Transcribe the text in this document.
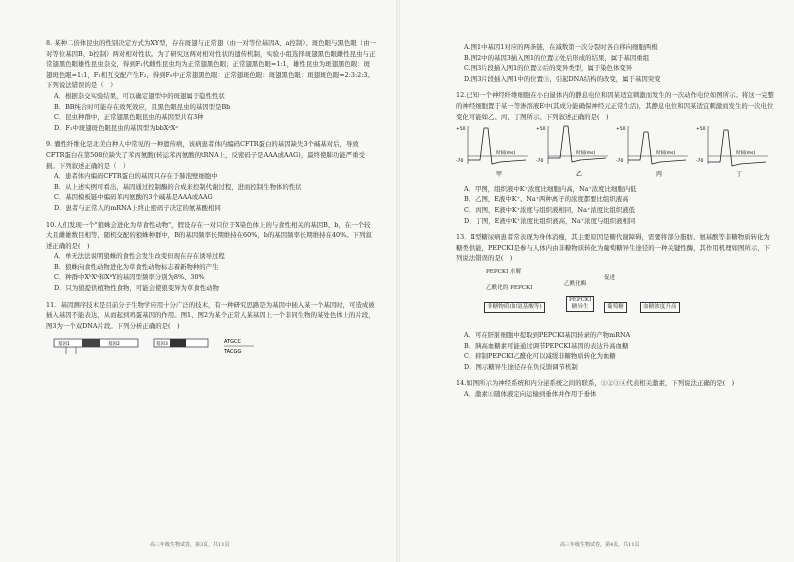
8. 某种二倍体昆虫的性别决定方式为XY型，存在斑翅与正常翅（由一对等位基因A、a控制）、斑色眼与黑色眼（由一对等位基因B、b控制）两对相对性状。为了研究这两对相对性状的遗传机制，实验小组选择斑翅黑色眼雌性昆虫与正常翅黑色眼雄性昆虫杂交，得到F₁代雌性昆虫均为正常翅黑色眼；正常翅黑色眼=1:1，雄性昆虫为斑翅黑色眼：斑翅斑色眼=1:1，F₁相互交配产生F₂，得到F₂中正常翅黑色眼：正常翅斑色眼：斑翅黑色眼：斑翅斑色眼=2:3:2:3。下列说法错误的是（　）

A．根据杂交实验结果，可以确定翅型中的斑翅属于隐性性状

B．BB纯合时可能存在致死效应，且黑色眼昆虫的基因型是Bb

C．昆虫种群中，正常翅黑色眼昆虫的基因型共有3种

D．F₂中斑翅斑色眼昆虫的基因型为bbXᵃXᵃ

9. 囊性纤维化是北美白种人中常见的一种遗传病，该病患者体内编码CFTR蛋白的基因缺失3个碱基对后，导致CFTR蛋白在第508位缺失了苯丙氨酸(转运苯丙氨酸的tRNA上，反密码子是AAA或AAG)，最终使肺功能严重受损。下列叙述正确的是（　）

A．患者体内编码CFTR蛋白的基因只存在于肺泡壁细胞中

B．从上述实例可看出，基因通过控制酶的合成来控制代谢过程，进而控制生物体的性状

C．基因模板链中编码苯丙氨酸的3个碱基是AAA或AAG

D．患者与正常人的mRNA上终止密码子决定的氨基酸相同

10.人们发现一个"狼蛛会进化为草食性动物"，假设存在一对只位于X染色体上的与食性相关的基因B、b，在一个较大且雌雄数目相等、随机交配的狼蛛种群中，B的基因频率长期维持在60%，b的基因频率长期维持在40%。下列叙述正确的是(　)

A．单无法法说明狼蛛的食性会发生改变但现在存在诱导过程

B．狼蛛向食性动物进化为草食性动物标志着新物种的产生

C．种群中XᵇXᵇ和XᵇY的基因型频率分别为8%、30%

D．只为狼提供植物性食物，可能会使狼变异为草食性动物

11．基因测序技术是目前分子生物学应用十分广泛的技术，有一种研究思路是为基因中插入某一个基因时，可造成被插入基因不能表达，从而起到鸡蛋基因的作用。图1、图2为某个正常人某基因上一个非同生物的某处色体上的片段，图3为一个双DNA片段。下列分析正确的是(　)

基因1	基因2	基因3	ATGCC
TACGG
高三年级生物试卷，第3页，共11页

A.图1中基因1对应的两条链，在减数第一次分裂时各自移向细胞两极

B.图2中的基因3插入图1的位置②处后形成的结果，属于基因重组

C.图3片段插入图1的位置②后的变异类型，属于染色体变异

D.图3片段插入图1中的位置③，引起DNA结构的改变，属于基因突变

12.已知一个神经纤维细胞在小白鼠体内的静息电位和因某适宜刺激而发生的一次动作电位如图所示。将这一完整的神经细胞置于某一等渗溶液E中(其成分能确保神经元正常生活)，其静息电位和因某适宜刺激而发生的一次电位变化可能如乙、丙、丁图所示。下列叙述正确的是(　)

+50
-70
时间(ms)
甲
+50
-70
时间(ms)
乙
+50
-70
时间(ms)
丙
+50
-70
时间(ms)
丁

A．甲图，组织液中K⁺浓度比细胞内高，Na⁺浓度比细胞内低

B．乙图，E液中K⁺、Na⁺两种离子的浓度都要比组织液高

C．丙图，E液中K⁺浓度与组织液相同，Na⁺浓度比组织液低

D．丁图，E液中K⁺浓度比组织液高，Na⁺浓度与组织液相同

13．Ⅱ型糖尿病患者常表现为身体消瘦，其主要原因是糖代谢障碍，需要将部分脂肪、氨基酸等非糖物质转化为糖类供能，PEPCKI是参与人体内由非糖物质转化为葡萄糖异生途径的一种关键性酶，其作用机理如图所示，下列说法错误的是(　)

PEPCKI 水解
促进
乙酰化的 PEPCKI
乙酰化酶
非糖物质(如氨基酸等)
PEPCKI
糖异生	葡萄糖	血糖浓度升高

A．可在肝脏细胞中提取到PEPCKI基因转录的产物mRNA

B．胰高血糖素可能通过调节PEPCKI基因的表达升高血糖

C．抑制PEPCKI乙酰化可以减缓非糖物质转化为血糖

D．图示糖异生途径存在负反馈调节机制

14.如图所示为神经系统和内分泌系统之间的联系，①②③④代表相关激素，下列说法正确的是(　)

A．激素①随体液定向运输到垂体并作用于垂体

高三年级生物试卷，第4页，共11页
